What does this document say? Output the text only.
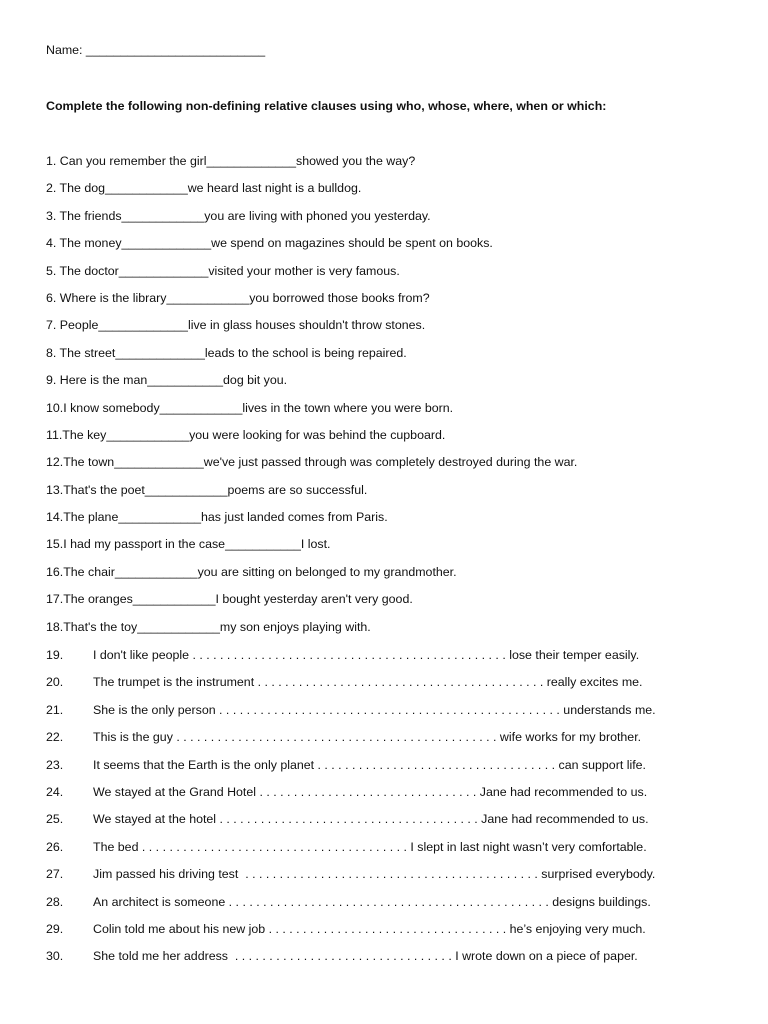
Name: __________________________
Complete the following non-defining relative clauses using who, whose, where, when or which:
1. Can you remember the girl_____________showed you the way?
2. The dog____________we heard last night is a bulldog.
3. The friends____________you are living with phoned you yesterday.
4. The money_____________we spend on magazines should be spent on books.
5. The doctor_____________visited your mother is very famous.
6. Where is the library____________you borrowed those books from?
7. People_____________live in glass houses shouldn't throw stones.
8. The street_____________leads to the school is being repaired.
9. Here is the man___________dog bit you.
10.I know somebody____________lives in the town where you were born.
11.The key____________you were looking for was behind the cupboard.
12.The town_____________we've just passed through was completely destroyed during the war.
13.That's the poet____________poems are so successful.
14.The plane____________has just landed comes from Paris.
15.I had my passport in the case___________I lost.
16.The chair____________you are sitting on belonged to my grandmother.
17.The oranges____________I bought yesterday aren't very good.
18.That's the toy____________my son enjoys playing with.
19.	I don't like people . . . . . . . . . . . . . . . . . . . . . . . . . . . . . . . . . . . . . . . . . . . . . . lose their temper easily.
20.	The trumpet is the instrument . . . . . . . . . . . . . . . . . . . . . . . . . . . . . . . . . . . . . . . . . . really excites me.
21.	She is the only person . . . . . . . . . . . . . . . . . . . . . . . . . . . . . . . . . . . . . . . . . . . . . . . . . . understands me.
22.	This is the guy . . . . . . . . . . . . . . . . . . . . . . . . . . . . . . . . . . . . . . . . . . . . . . . wife works for my brother.
23.	It seems that the Earth is the only planet . . . . . . . . . . . . . . . . . . . . . . . . . . . . . . . . . . . can support life.
24.	We stayed at the Grand Hotel . . . . . . . . . . . . . . . . . . . . . . . . . . . . . . . . Jane had recommended to us.
25.	We stayed at the hotel . . . . . . . . . . . . . . . . . . . . . . . . . . . . . . . . . . . . . . Jane had recommended to us.
26.	The bed . . . . . . . . . . . . . . . . . . . . . . . . . . . . . . . . . . . . . . . I slept in last night wasn’t very comfortable.
27.	Jim passed his driving test  . . . . . . . . . . . . . . . . . . . . . . . . . . . . . . . . . . . . . . . . . . . surprised everybody.
28.	An architect is someone . . . . . . . . . . . . . . . . . . . . . . . . . . . . . . . . . . . . . . . . . . . . . . . designs buildings.
29.	Colin told me about his new job . . . . . . . . . . . . . . . . . . . . . . . . . . . . . . . . . . . he’s enjoying very much.
30.	She told me her address  . . . . . . . . . . . . . . . . . . . . . . . . . . . . . . . . I wrote down on a piece of paper.
